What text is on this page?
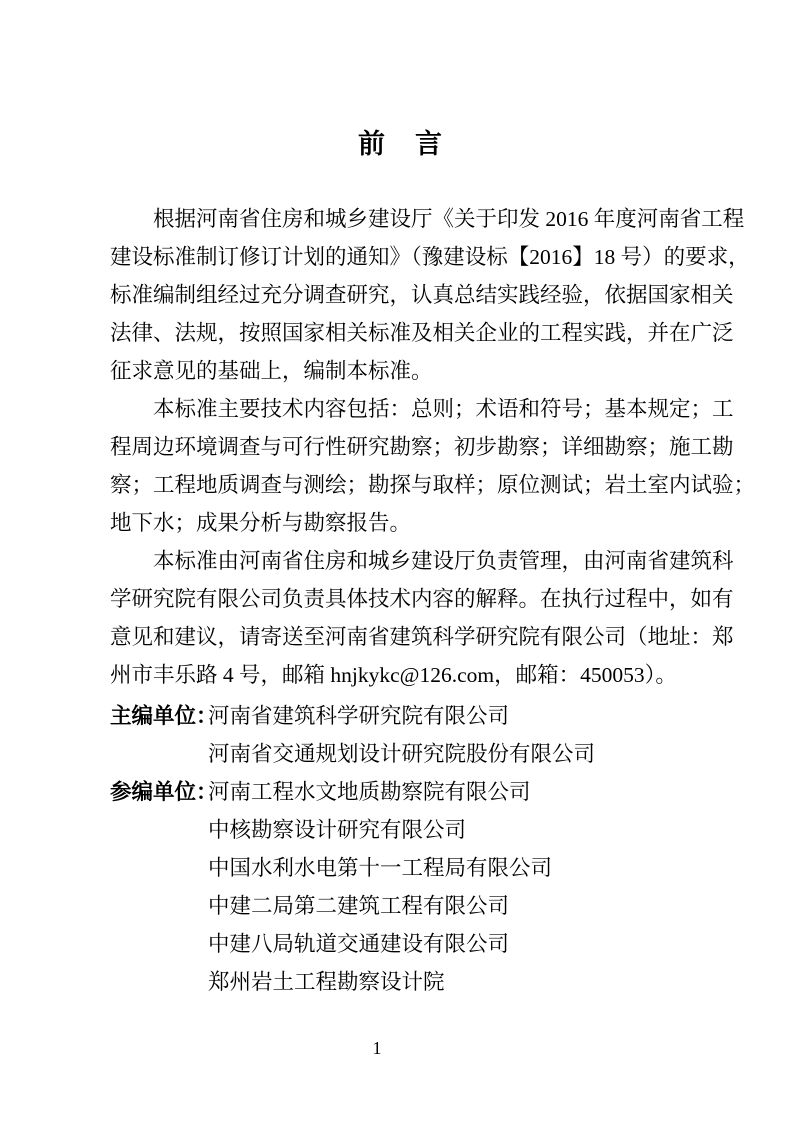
前 言
根据河南省住房和城乡建设厅《关于印发 2016 年度河南省工程
建设标准制订修订计划的通知》（豫建设标【2016】18 号）的要求，
标准编制组经过充分调查研究，认真总结实践经验，依据国家相关
法律、法规，按照国家相关标准及相关企业的工程实践，并在广泛
征求意见的基础上，编制本标准。
本标准主要技术内容包括：总则；术语和符号；基本规定；工
程周边环境调查与可行性研究勘察；初步勘察；详细勘察；施工勘
察；工程地质调查与测绘；勘探与取样；原位测试；岩土室内试验；
地下水；成果分析与勘察报告。
本标准由河南省住房和城乡建设厅负责管理，由河南省建筑科
学研究院有限公司负责具体技术内容的解释。在执行过程中，如有
意见和建议，请寄送至河南省建筑科学研究院有限公司（地址：郑
州市丰乐路 4 号，邮箱 hnjkykc@126.com，邮箱：450053）。
主编单位：
河南省建筑科学研究院有限公司
河南省交通规划设计研究院股份有限公司
参编单位：
河南工程水文地质勘察院有限公司
中核勘察设计研究有限公司
中国水利水电第十一工程局有限公司
中建二局第二建筑工程有限公司
中建八局轨道交通建设有限公司
郑州岩土工程勘察设计院
1
